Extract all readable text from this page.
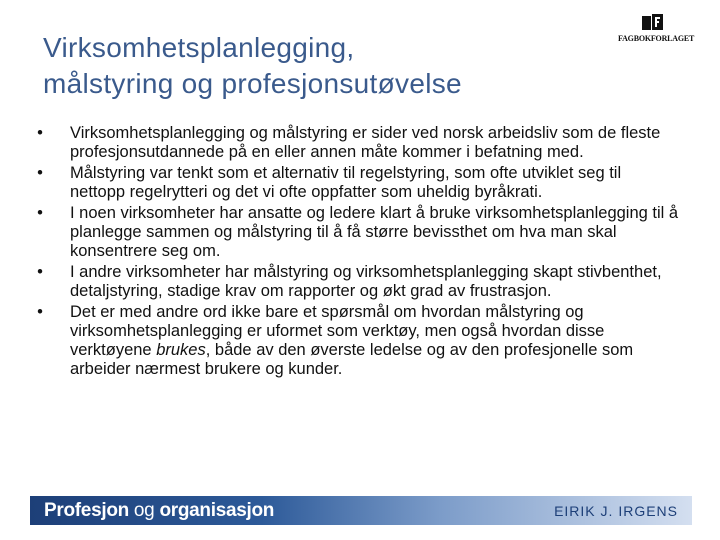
Virksomhetsplanlegging,
målstyring og profesjonsutøvelse
FAGBOKFORLAGET
•	Virksomhetsplanlegging og målstyring er sider ved norsk arbeidsliv som de fleste profesjonsutdannede på en eller annen måte kommer i befatning med.
•	Målstyring var tenkt som et alternativ til regelstyring, som ofte utviklet seg til nettopp regelrytteri og det vi ofte oppfatter som uheldig byråkrati.
•	I noen virksomheter har ansatte og ledere klart å bruke virksomhetsplanlegging til å planlegge sammen og målstyring til å få større bevissthet om hva man skal konsentrere seg om.
•	I andre virksomheter har målstyring og virksomhetsplanlegging skapt stivbenthet, detaljstyring, stadige krav om rapporter og økt grad av frustrasjon.
•	Det er med andre ord ikke bare et spørsmål om hvordan målstyring og virksomhetsplanlegging er uformet som verktøy, men også hvordan disse verktøyene brukes, både av den øverste ledelse og av den profesjonelle som arbeider nærmest brukere og kunder.
Profesjon og organisasjon	EIRIK J. IRGENS
